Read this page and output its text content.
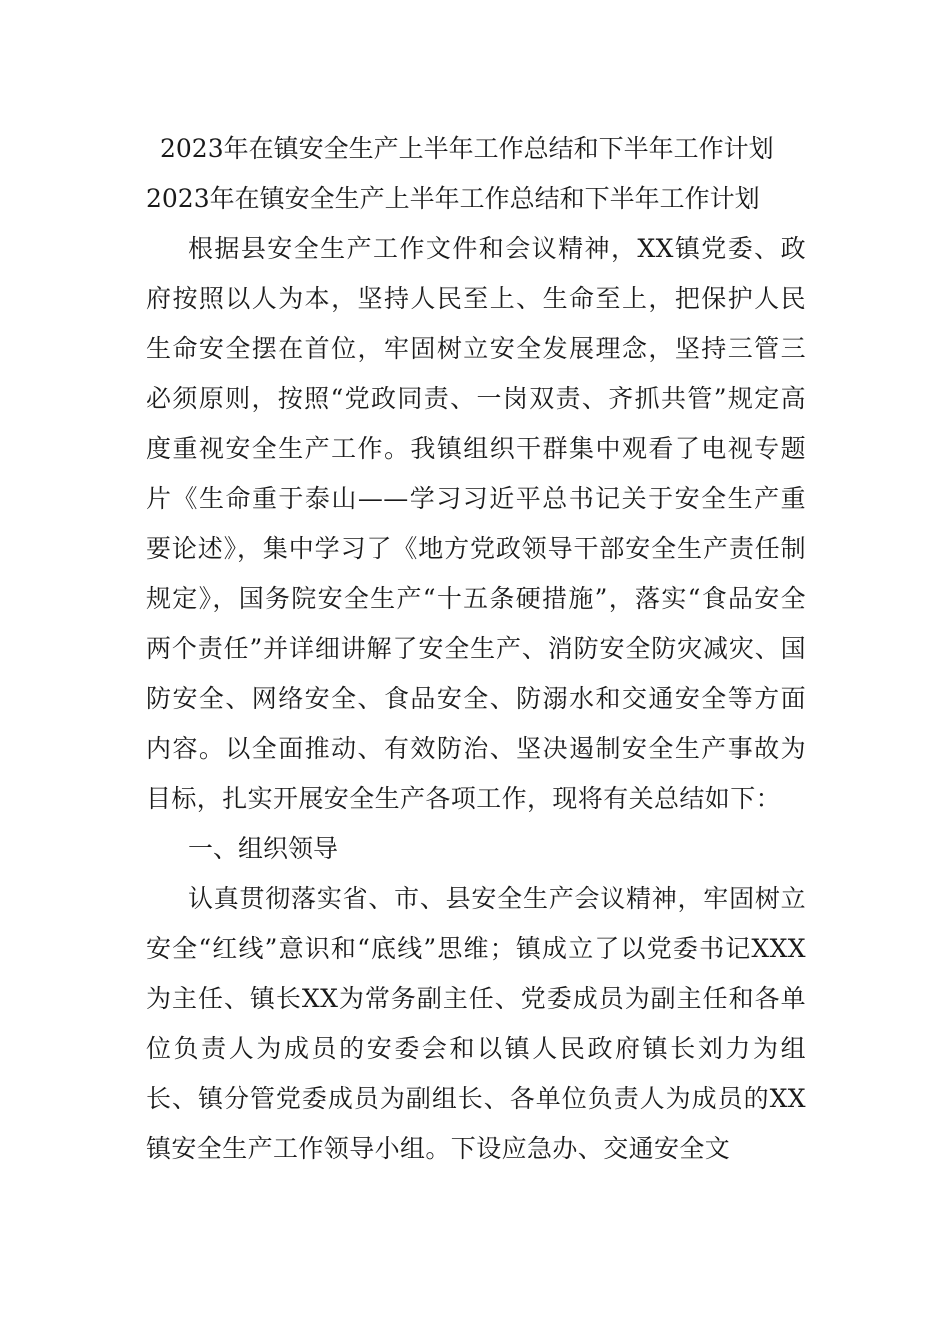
2023年在镇安全生产上半年工作总结和下半年工作计划

2023年在镇安全生产上半年工作总结和下半年工作计划

根据县安全生产工作文件和会议精神，XX镇党委、政府按照以人为本，坚持人民至上、生命至上，把保护人民生命安全摆在首位，牢固树立安全发展理念，坚持三管三必须原则，按照“党政同责、一岗双责、齐抓共管”规定高度重视安全生产工作。我镇组织干群集中观看了电视专题片《生命重于泰山——学习习近平总书记关于安全生产重要论述》，集中学习了《地方党政领导干部安全生产责任制规定》，国务院安全生产“十五条硬措施”，落实“食品安全两个责任”并详细讲解了安全生产、消防安全防灾减灾、国防安全、网络安全、食品安全、防溺水和交通安全等方面内容。以全面推动、有效防治、坚决遏制安全生产事故为目标，扎实开展安全生产各项工作，现将有关总结如下：

一、组织领导

认真贯彻落实省、市、县安全生产会议精神，牢固树立安全“红线”意识和“底线”思维；镇成立了以党委书记XXX为主任、镇长XX为常务副主任、党委成员为副主任和各单位负责人为成员的安委会和以镇人民政府镇长刘力为组长、镇分管党委成员为副组长、各单位负责人为成员的XX镇安全生产工作领导小组。下设应急办、交通安全文
